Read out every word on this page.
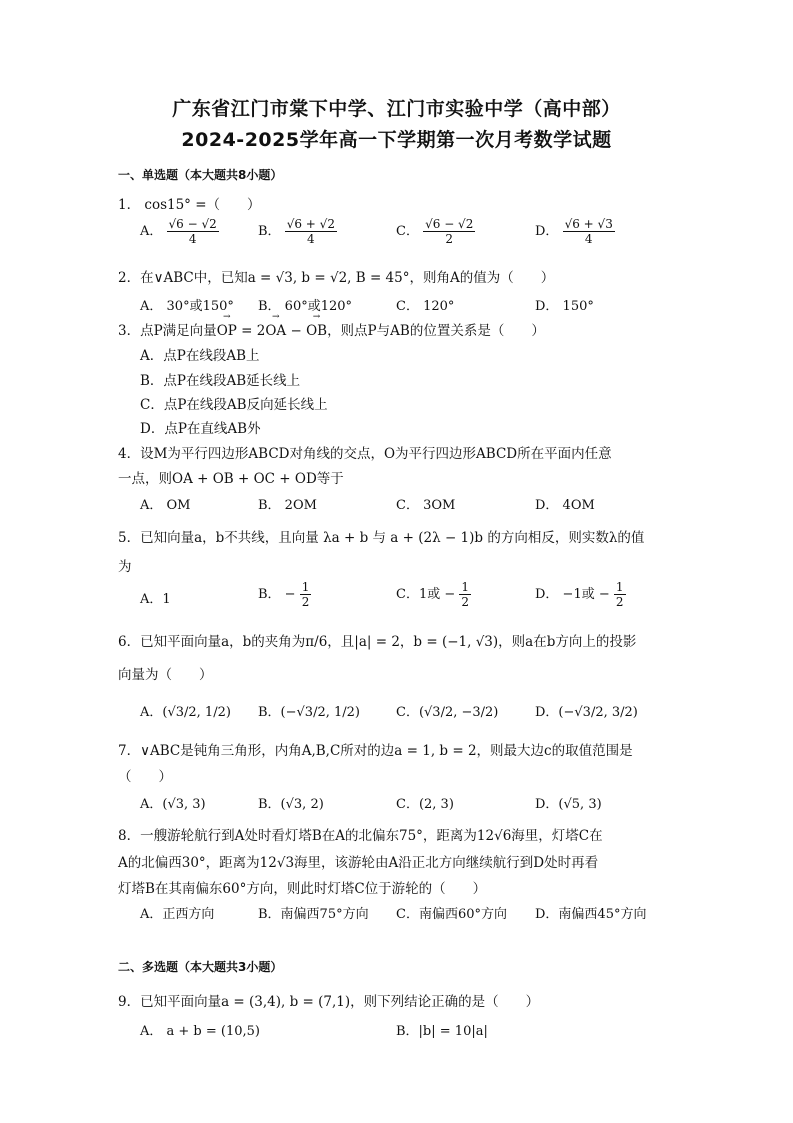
广东省江门市棠下中学、江门市实验中学（高中部）
2024-2025学年高一下学期第一次月考数学试题
一、单选题（本大题共8小题）
1． cos15° =（　　）
A． $\frac{√6 - √2}{4}$	B． $\frac{√6 + √2}{4}$	C． $\frac{√6 - √2}{2}$	D． $\frac{√6 + √3}{4}$
2．在∨ABC中，已知a = √3, b = √2, B = 45°，则角A的值为（　　）
A． 30°或150° B． 60°或120°	C． 120°	D． 150°
3．点P满足向量→ OP = 2→ OA − → OB，则点P与AB的位置关系是（　　）
A．点P在线段AB上
B．点P在线段AB延长线上
C．点P在线段AB反向延长线上
D．点P在直线AB外
4．设M为平行四边形ABCD对角线的交点，O为平行四边形ABCD所在平面内任意
一点，则OA + OB + OC + OD等于
A． OM	B． 2OM	C． 3OM	D． 4OM
5．已知向量a，b不共线，且向量 λa + b 与 a + (2λ − 1)b 的方向相反，则实数λ的值
为
A．1	B． − $\frac{1}{2}$	C．1或 − $\frac{1}{2}$	D． −1或 − $\frac{1}{2}$
6．已知平面向量a，b的夹角为π/6，且|a| = 2，b = (−1, √3)，则a在b方向上的投影
向量为（　　）
A．(√3/2, 1/2) B．(−√3/2, 1/2)	C．(√3/2, −3/2)	D．(−√3/2, 3/2)
7．∨ABC是钝角三角形，内角A,B,C所对的边a = 1, b = 2，则最大边c的取值范围是
（　　）
A．(√3, 3)	B．(√3, 2)	C．(2, 3)	D．(√5, 3)
8．一艘游轮航行到A处时看灯塔B在A的北偏东75°，距离为12√6海里，灯塔C在
A的北偏西30°，距离为12√3海里，该游轮由A沿正北方向继续航行到D处时再看
灯塔B在其南偏东60°方向，则此时灯塔C位于游轮的（　　）
A．正西方向	B．南偏西75°方向 C．南偏西60°方向 D．南偏西45°方向
二、多选题（本大题共3小题）
9．已知平面向量a = (3,4), b = (7,1)，则下列结论正确的是（　　）
A． a + b = (10,5)	B．|b| = 10|a|
